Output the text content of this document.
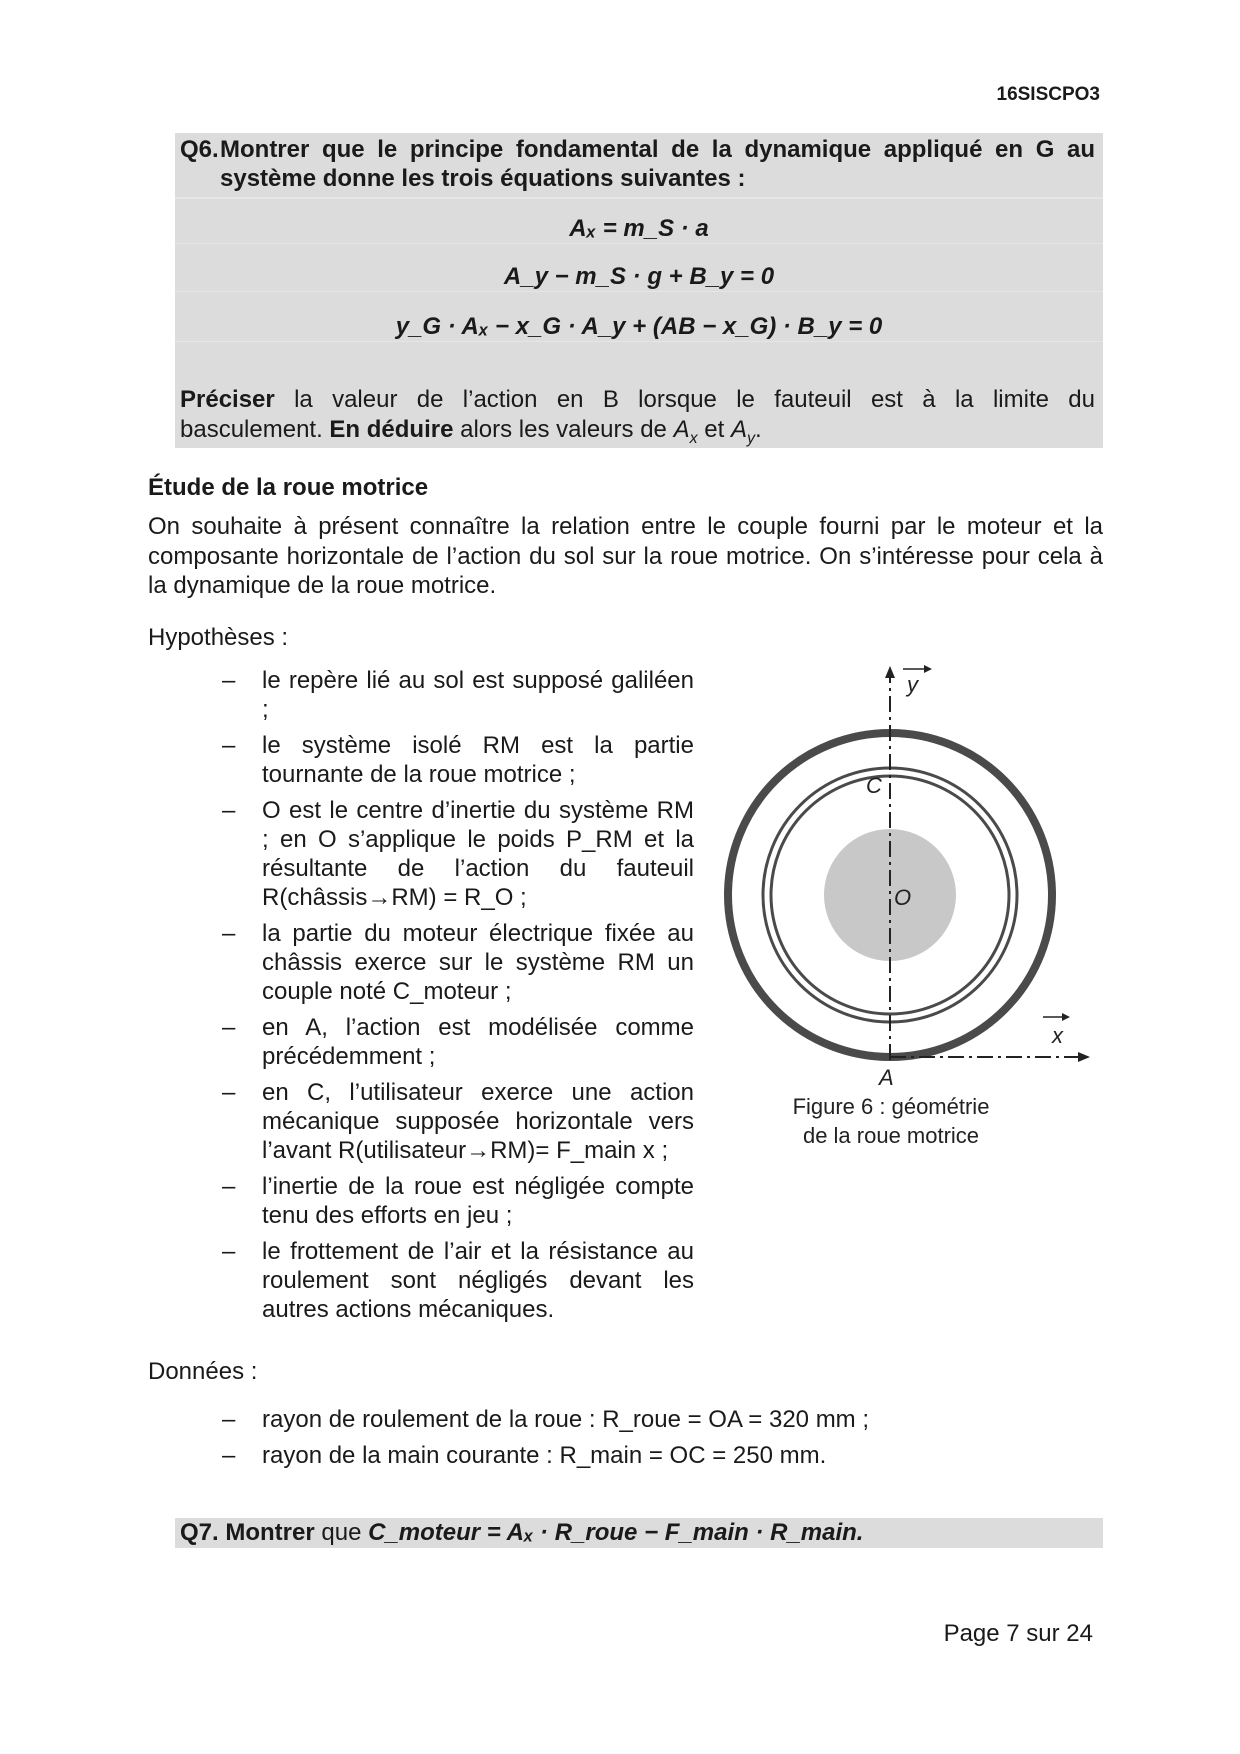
16SISCPO3
Q6. Montrer que le principe fondamental de la dynamique appliqué en G au système donne les trois équations suivantes :
Aₓ = m_S · a
A_y − m_S · g + B_y = 0
y_G · Aₓ − x_G · A_y + (AB − x_G) · B_y = 0
Préciser la valeur de l’action en B lorsque le fauteuil est à la limite du
basculement. En déduire alors les valeurs de $A_x$ et $A_y$.
Étude de la roue motrice
On souhaite à présent connaître la relation entre le couple fourni par le moteur et la composante horizontale de l’action du sol sur la roue motrice. On s’intéresse pour cela à la dynamique de la roue motrice.
Hypothèses :
– le repère lié au sol est supposé galiléen ;
– le système isolé RM est la partie tournante de la roue motrice ;
– O est le centre d’inertie du système RM ; en O s’applique le poids P_RM et la résultante de l’action du fauteuil R(châssis→RM) = R_O ;
– la partie du moteur électrique fixée au châssis exerce sur le système RM un couple noté C_moteur ;
– en A, l’action est modélisée comme précédemment ;
– en C, l’utilisateur exerce une action mécanique supposée horizontale vers l’avant R(utilisateur→RM)= F_main x ;
– l’inertie de la roue est négligée compte tenu des efforts en jeu ;
– le frottement de l’air et la résistance au roulement sont négligés devant les autres actions mécaniques.
y
x
C
O
A
Figure 6 : géométrie
de la roue motrice
Données :
– rayon de roulement de la roue : R_roue = OA = 320 mm ;
– rayon de la main courante : R_main = OC = 250 mm.
Q7. Montrer que C_moteur = Aₓ · R_roue − F_main · R_main.
Page 7 sur 24
